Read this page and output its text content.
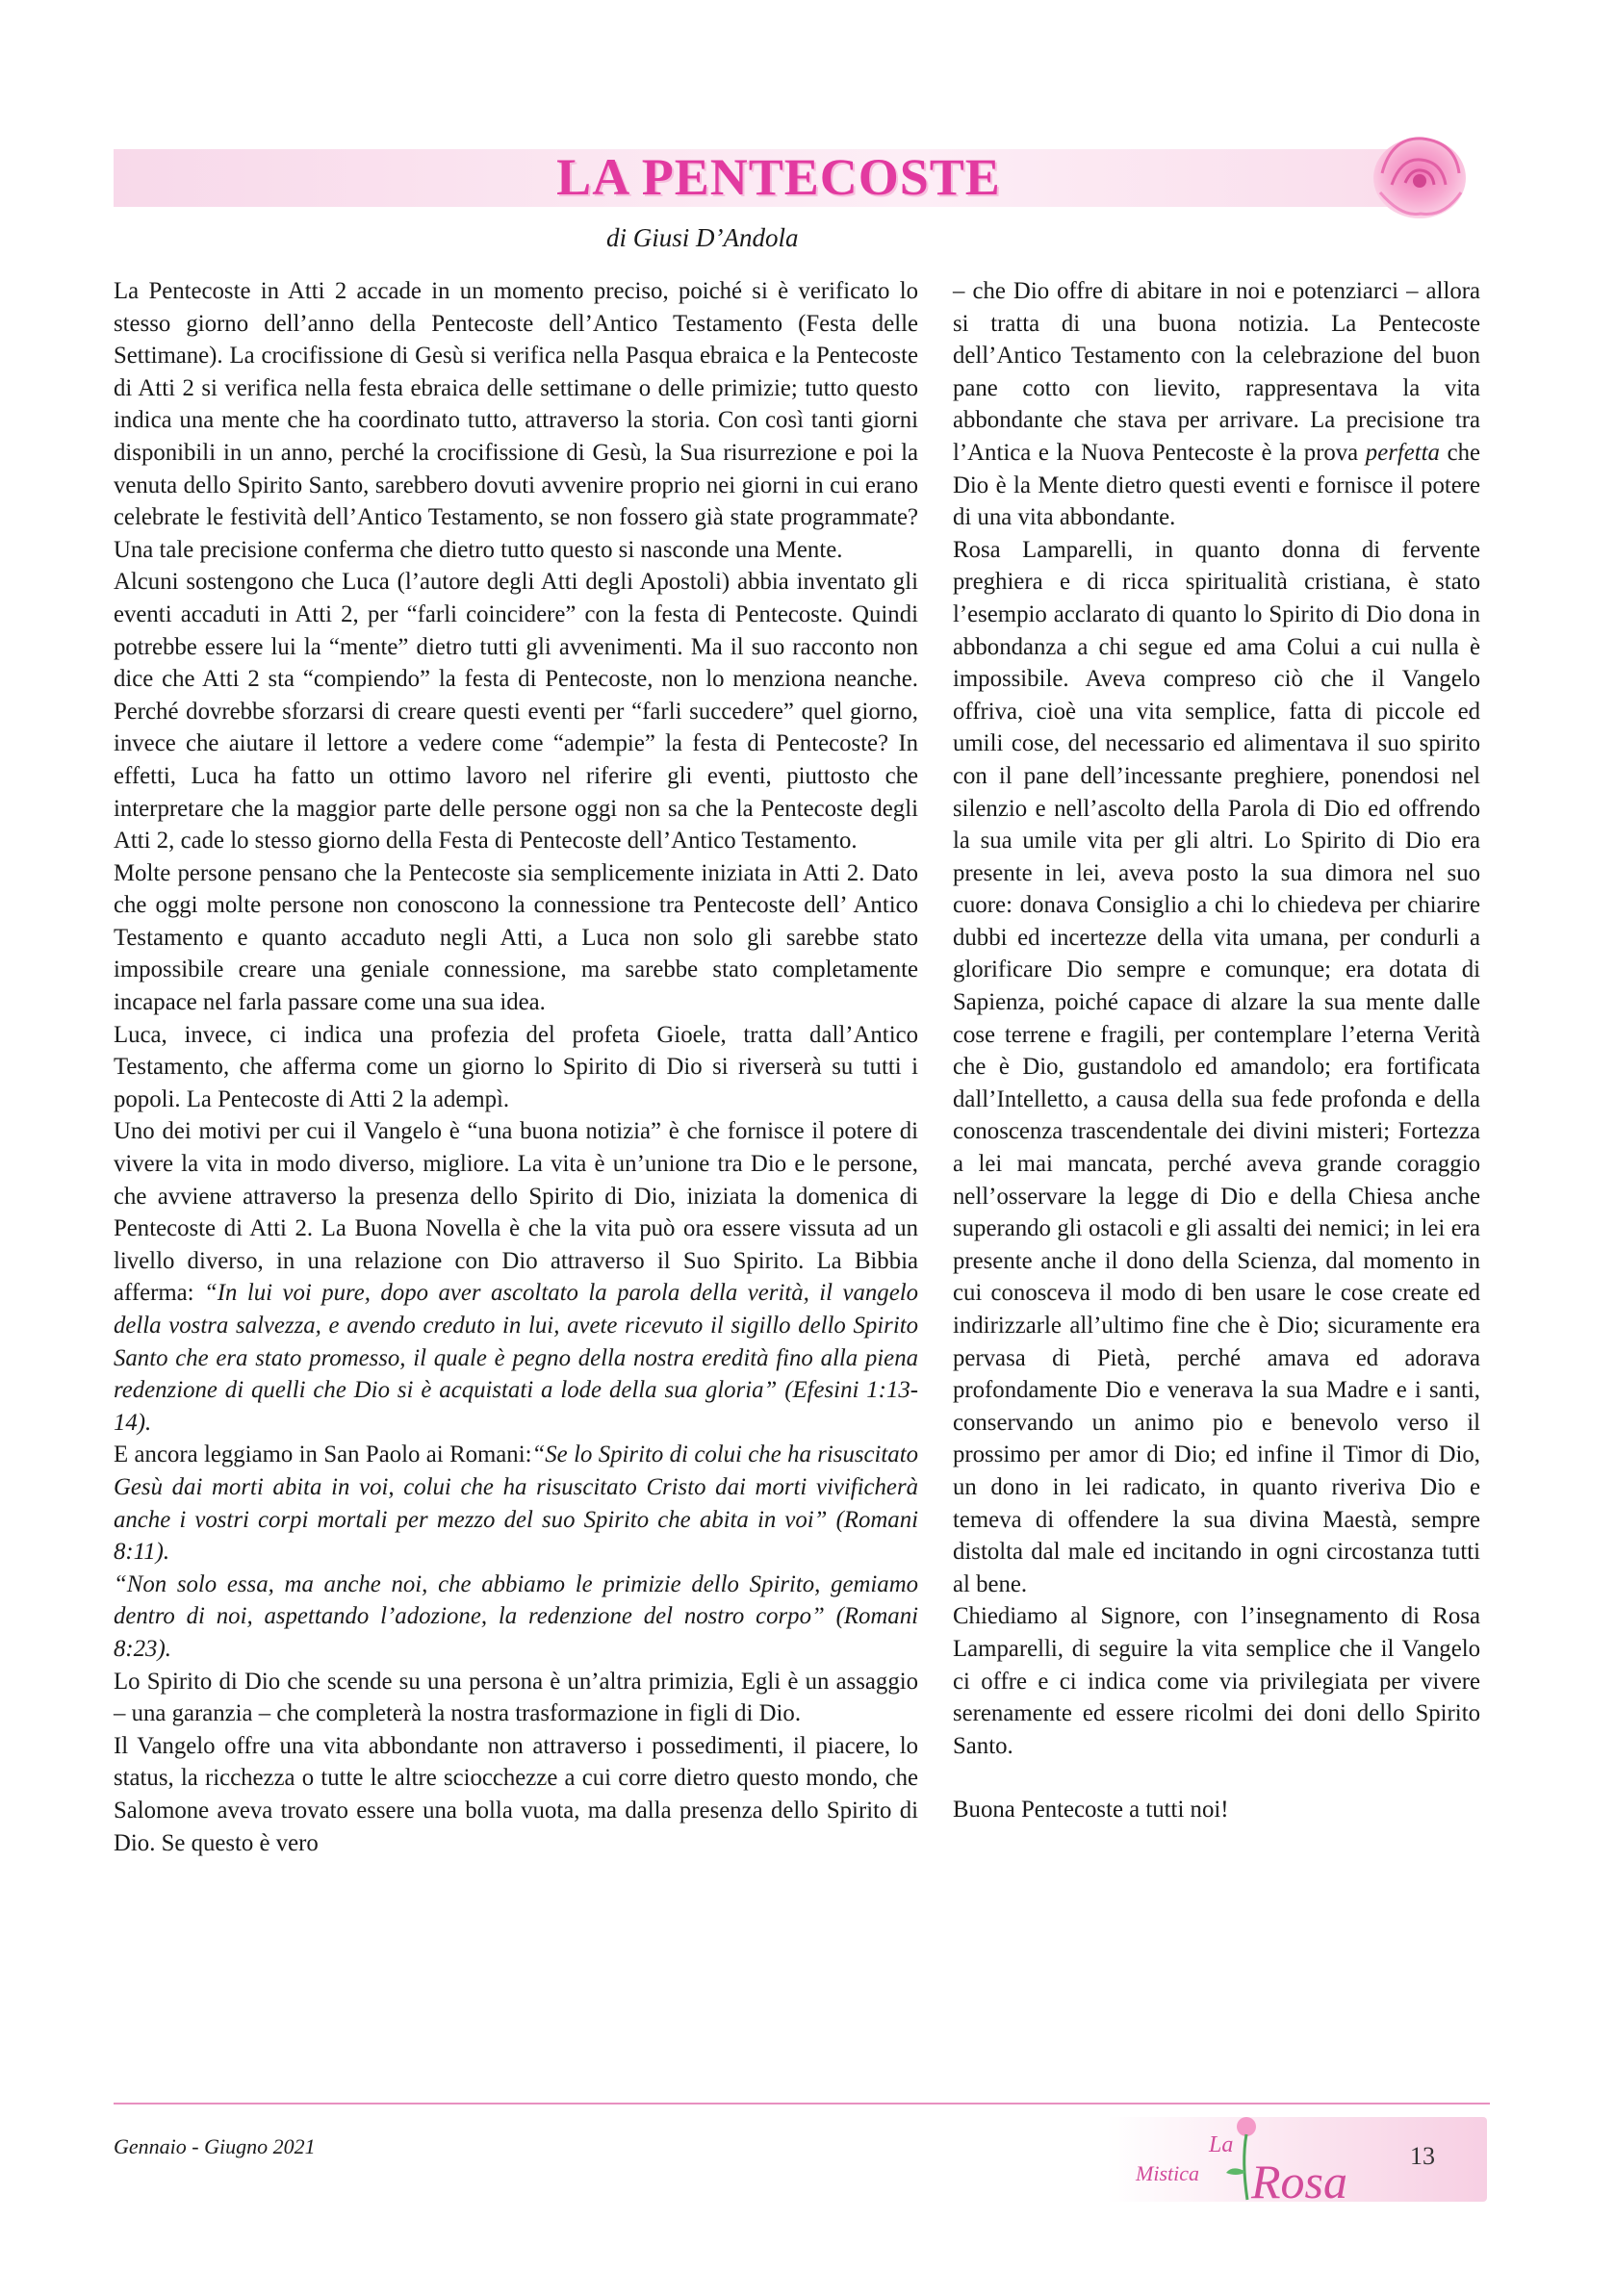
LA PENTECOSTE
di Giusi D’Andola

La Pentecoste in Atti 2 accade in un momento preciso, poiché si è verificato lo stesso giorno dell’anno della Pentecoste dell’Antico Testamento (Festa delle Settimane). La crocifissione di Gesù si verifica nella Pasqua ebraica e la Pentecoste di Atti 2 si verifica nella festa ebraica delle settimane o delle primizie; tutto questo indica una mente che ha coordinato tutto, attraverso la storia. Con così tanti giorni disponibili in un anno, perché la crocifissione di Gesù, la Sua risurrezione e poi la venuta dello Spirito Santo, sarebbero dovuti avvenire proprio nei giorni in cui erano celebrate le festività dell’Antico Testamento, se non fossero già state programmate? Una tale precisione conferma che dietro tutto questo si nasconde una Mente.

Alcuni sostengono che Luca (l’autore degli Atti degli Apostoli) abbia inventato gli eventi accaduti in Atti 2, per “farli coincidere” con la festa di Pentecoste. Quindi potrebbe essere lui la “mente” dietro tutti gli avvenimenti. Ma il suo racconto non dice che Atti 2 sta “compiendo” la festa di Pentecoste, non lo menziona neanche. Perché dovrebbe sforzarsi di creare questi eventi per “farli succedere” quel giorno, invece che aiutare il lettore a vedere come “adempie” la festa di Pentecoste? In effetti, Luca ha fatto un ottimo lavoro nel riferire gli eventi, piuttosto che interpretare che la maggior parte delle persone oggi non sa che la Pentecoste degli Atti 2, cade lo stesso giorno della Festa di Pentecoste dell’Antico Testamento.

Molte persone pensano che la Pentecoste sia semplicemente iniziata in Atti 2. Dato che oggi molte persone non conoscono la connessione tra Pentecoste dell’ Antico Testamento e quanto accaduto negli Atti, a Luca non solo gli sarebbe stato impossibile creare una geniale connessione, ma sarebbe stato completamente incapace nel farla passare come una sua idea.

Luca, invece, ci indica una profezia del profeta Gioele, tratta dall’Antico Testamento, che afferma come un giorno lo Spirito di Dio si riverserà su tutti i popoli. La Pentecoste di Atti 2 la adempì.

Uno dei motivi per cui il Vangelo è “una buona notizia” è che fornisce il potere di vivere la vita in modo diverso, migliore. La vita è un’unione tra Dio e le persone, che avviene attraverso la presenza dello Spirito di Dio, iniziata la domenica di Pentecoste di Atti 2. La Buona Novella è che la vita può ora essere vissuta ad un livello diverso, in una relazione con Dio attraverso il Suo Spirito. La Bibbia afferma: “In lui voi pure, dopo aver ascoltato la parola della verità, il vangelo della vostra salvezza, e avendo creduto in lui, avete ricevuto il sigillo dello Spirito Santo che era stato promesso, il quale è pegno della nostra eredità fino alla piena redenzione di quelli che Dio si è acquistati a lode della sua gloria” (Efesini 1:13-14).

E ancora leggiamo in San Paolo ai Romani:“Se lo Spirito di colui che ha risuscitato Gesù dai morti abita in voi, colui che ha risuscitato Cristo dai morti vivificherà anche i vostri corpi mortali per mezzo del suo Spirito che abita in voi” (Romani 8:11).

“Non solo essa, ma anche noi, che abbiamo le primizie dello Spirito, gemiamo dentro di noi, aspettando l’adozione, la redenzione del nostro corpo” (Romani 8:23).

Lo Spirito di Dio che scende su una persona è un’altra primizia, Egli è un assaggio – una garanzia – che completerà la nostra trasformazione in figli di Dio.

Il Vangelo offre una vita abbondante non attraverso i possedimenti, il piacere, lo status, la ricchezza o tutte le altre sciocchezze a cui corre dietro questo mondo, che Salomone aveva trovato essere una bolla vuota, ma dalla presenza dello Spirito di Dio. Se questo è vero

– che Dio offre di abitare in noi e potenziarci – allora si tratta di una buona notizia. La Pentecoste dell’Antico Testamento con la celebrazione del buon pane cotto con lievito, rappresentava la vita abbondante che stava per arrivare. La precisione tra l’Antica e la Nuova Pentecoste è la prova perfetta che Dio è la Mente dietro questi eventi e fornisce il potere di una vita abbondante.

Rosa Lamparelli, in quanto donna di fervente preghiera e di ricca spiritualità cristiana, è stato l’esempio acclarato di quanto lo Spirito di Dio dona in abbondanza a chi segue ed ama Colui a cui nulla è impossibile. Aveva compreso ciò che il Vangelo offriva, cioè una vita semplice, fatta di piccole ed umili cose, del necessario ed alimentava il suo spirito con il pane dell’incessante preghiere, ponendosi nel silenzio e nell’ascolto della Parola di Dio ed offrendo la sua umile vita per gli altri. Lo Spirito di Dio era presente in lei, aveva posto la sua dimora nel suo cuore: donava Consiglio a chi lo chiedeva per chiarire dubbi ed incertezze della vita umana, per condurli a glorificare Dio sempre e comunque; era dotata di Sapienza, poiché capace di alzare la sua mente dalle cose terrene e fragili, per contemplare l’eterna Verità che è Dio, gustandolo ed amandolo; era fortificata dall’Intelletto, a causa della sua fede profonda e della conoscenza trascendentale dei divini misteri; Fortezza a lei mai mancata, perché aveva grande coraggio nell’osservare la legge di Dio e della Chiesa anche superando gli ostacoli e gli assalti dei nemici; in lei era presente anche il dono della Scienza, dal momento in cui conosceva il modo di ben usare le cose create ed indirizzarle all’ultimo fine che è Dio; sicuramente era pervasa di Pietà, perché amava ed adorava profondamente Dio e venerava la sua Madre e i santi, conservando un animo pio e benevolo verso il prossimo per amor di Dio; ed infine il Timor di Dio, un dono in lei radicato, in quanto riveriva Dio e temeva di offendere la sua divina Maestà, sempre distolta dal male ed incitando in ogni circostanza tutti al bene.

Chiediamo al Signore, con l’insegnamento di Rosa Lamparelli, di seguire la vita semplice che il Vangelo ci offre e ci indica come via privilegiata per vivere serenamente ed essere ricolmi dei doni dello Spirito Santo.

Buona Pentecoste a tutti noi!

Gennaio - Giugno 2021	La
Mistica Rosa	13
